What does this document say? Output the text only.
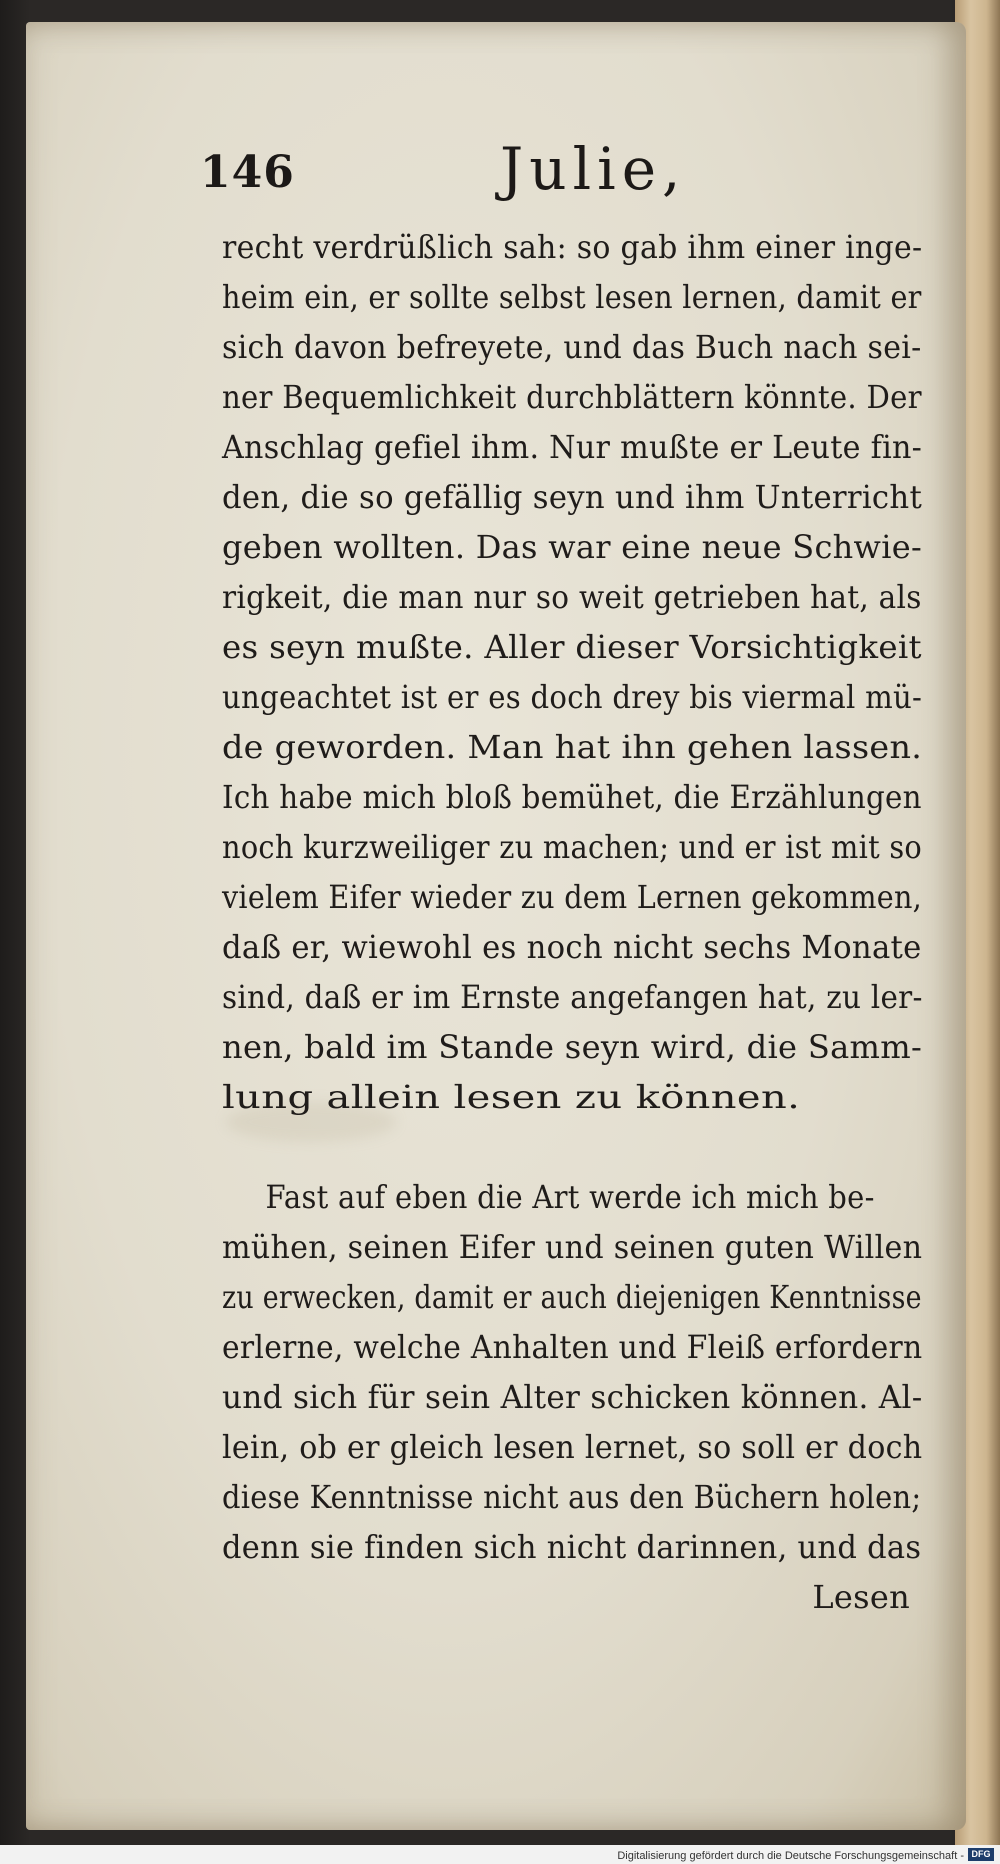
146	Julie,
recht verdrüßlich sah: so gab ihm einer inge-
heim ein, er sollte selbst lesen lernen, damit er
sich davon befreyete, und das Buch nach sei-
ner Bequemlichkeit durchblättern könnte. Der
Anschlag gefiel ihm. Nur mußte er Leute fin-
den, die so gefällig seyn und ihm Unterricht
geben wollten. Das war eine neue Schwie-
rigkeit, die man nur so weit getrieben hat, als
es seyn mußte. Aller dieser Vorsichtigkeit
ungeachtet ist er es doch drey bis viermal mü-
de geworden. Man hat ihn gehen lassen.
Ich habe mich bloß bemühet, die Erzählungen
noch kurzweiliger zu machen; und er ist mit so
vielem Eifer wieder zu dem Lernen gekommen,
daß er, wiewohl es noch nicht sechs Monate
sind, daß er im Ernste angefangen hat, zu ler-
nen, bald im Stande seyn wird, die Samm-
lung allein lesen zu können.
Fast auf eben die Art werde ich mich be-
mühen, seinen Eifer und seinen guten Willen
zu erwecken, damit er auch diejenigen Kenntnisse
erlerne, welche Anhalten und Fleiß erfordern
und sich für sein Alter schicken können. Al-
lein, ob er gleich lesen lernet, so soll er doch
diese Kenntnisse nicht aus den Büchern holen;
denn sie finden sich nicht darinnen, und das
Lesen
Digitalisierung gefördert durch die Deutsche Forschungsgemeinschaft - DFG
